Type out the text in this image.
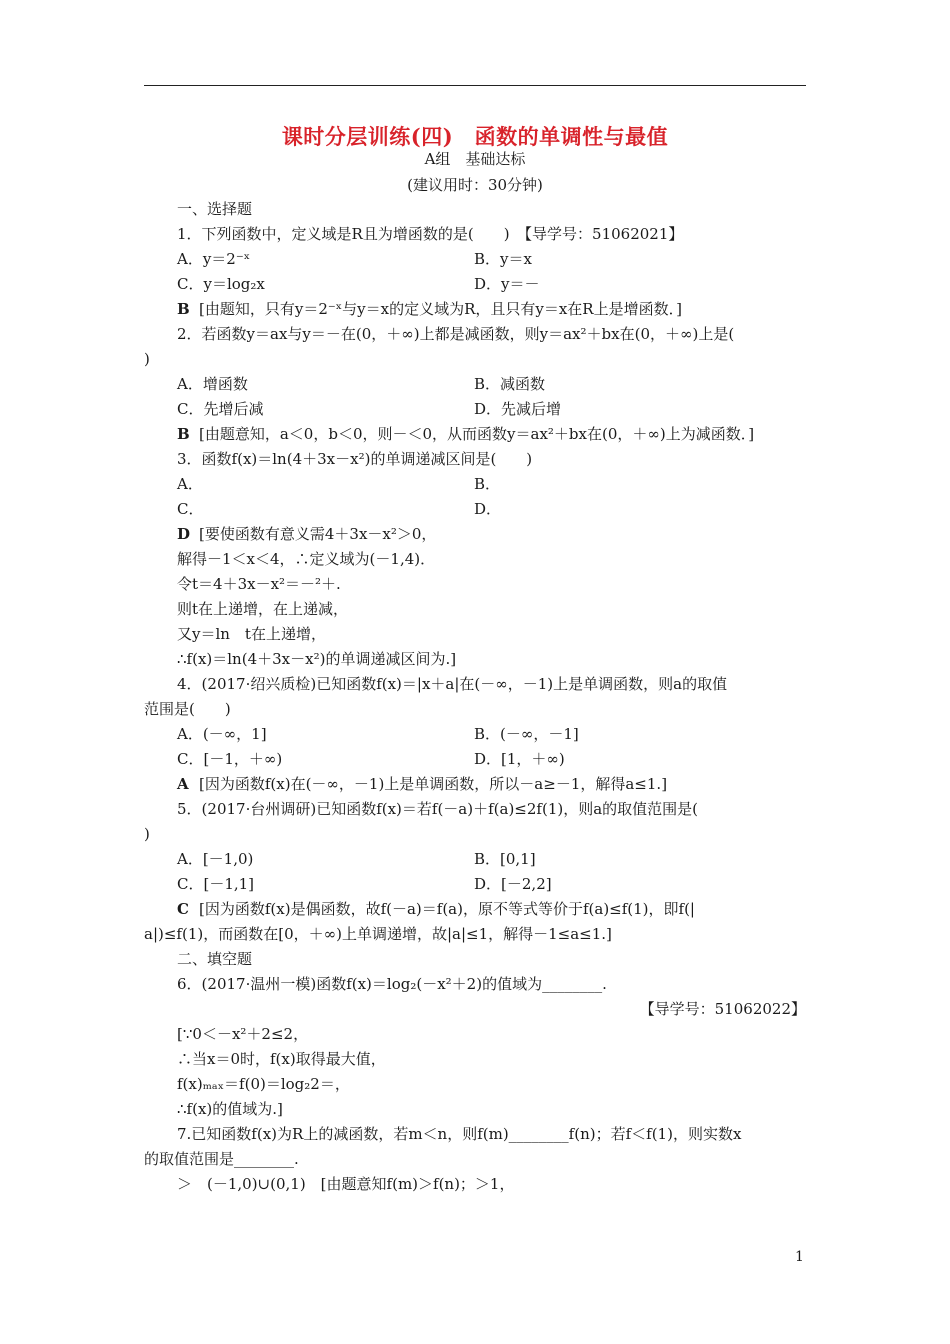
课时分层训练(四)　函数的单调性与最值
A组　基础达标
(建议用时：30分钟)
一、选择题
1．下列函数中，定义域是R且为增函数的是(　　)　【导学号：51062021】
A．y＝2⁻ˣ	B．y＝x
C．y＝log₂x	D．y＝－
B [由题知，只有y＝2⁻ˣ与y＝x的定义域为R，且只有y＝x在R上是增函数．]
2．若函数y＝ax与y＝－在(0，＋∞)上都是减函数，则y＝ax²＋bx在(0，＋∞)上是(
)
A．增函数	B．减函数
C．先增后减	D．先减后增
B [由题意知，a＜0，b＜0，则－＜0，从而函数y＝ax²＋bx在(0，＋∞)上为减函数．]
3．函数f(x)＝ln(4＋3x－x²)的单调递减区间是(　　)
A．	B．
C．	D．
D [要使函数有意义需4＋3x－x²＞0，
解得－1＜x＜4，∴定义域为(－1,4)．
令t＝4＋3x－x²＝－²＋.
则t在上递增，在上递减，
又y＝ln　t在上递增，
∴f(x)＝ln(4＋3x－x²)的单调递减区间为.]
4．(2017·绍兴质检)已知函数f(x)＝|x＋a|在(－∞，－1)上是单调函数，则a的取值
范围是(　　)
A．(－∞，1]	B．(－∞，－1]
C．[－1，＋∞)	D．[1，＋∞)
A [因为函数f(x)在(－∞，－1)上是单调函数，所以－a≥－1，解得a≤1.]
5．(2017·台州调研)已知函数f(x)＝若f(－a)＋f(a)≤2f(1)，则a的取值范围是(
)
A．[－1,0)	B．[0,1]
C．[－1,1]	D．[－2,2]
C [因为函数f(x)是偶函数，故f(－a)＝f(a)，原不等式等价于f(a)≤f(1)，即f(|
a|)≤f(1)，而函数在[0，＋∞)上单调递增，故|a|≤1，解得－1≤a≤1.]
二、填空题
6．(2017·温州一模)函数f(x)＝log₂(－x²＋2)的值域为________.
【导学号：51062022】
[∵0＜－x²＋2≤2，
∴当x＝0时，f(x)取得最大值，
f(x)ₘₐₓ＝f(0)＝log₂2＝，
∴f(x)的值域为.]
7.已知函数f(x)为R上的减函数，若m＜n，则f(m)________f(n)；若f＜f(1)，则实数x
的取值范围是________.
＞　(－1,0)∪(0,1)　[由题意知f(m)＞f(n)；＞1，
1
